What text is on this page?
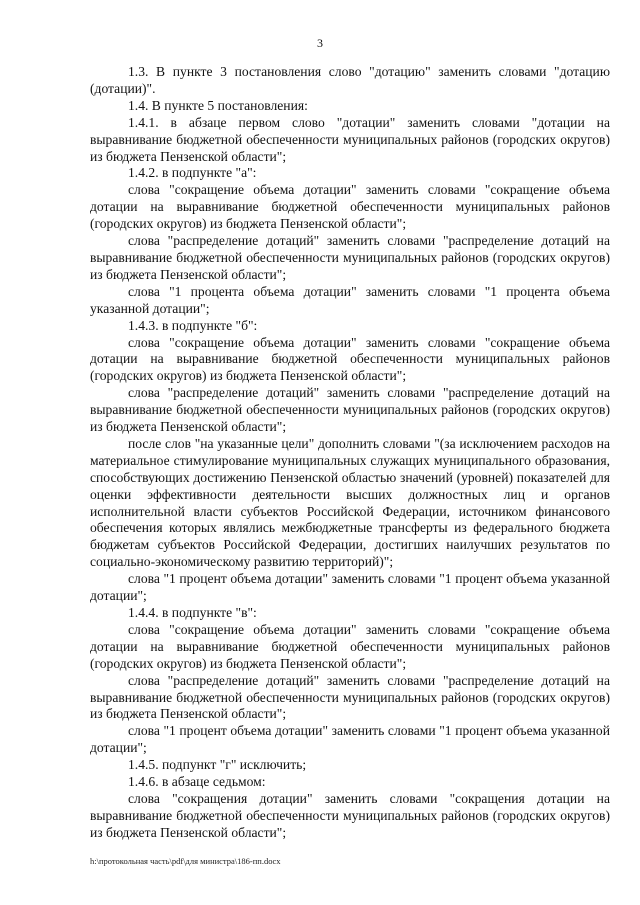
3

1.3. В пункте 3 постановления слово "дотацию" заменить словами "дотацию (дотации)".

1.4. В пункте 5 постановления:

1.4.1. в абзаце первом слово "дотации" заменить словами "дотации на выравнивание бюджетной обеспеченности муниципальных районов (городских округов) из бюджета Пензенской области";

1.4.2. в подпункте "а":

слова "сокращение объема дотации" заменить словами "сокращение объема дотации на выравнивание бюджетной обеспеченности муниципальных районов (городских округов) из бюджета Пензенской области";

слова "распределение дотаций" заменить словами "распределение дотаций на выравнивание бюджетной обеспеченности муниципальных районов (городских округов) из бюджета Пензенской области";

слова "1 процента объема дотации" заменить словами "1 процента объема указанной дотации";

1.4.3. в подпункте "б":

слова "сокращение объема дотации" заменить словами "сокращение объема дотации на выравнивание бюджетной обеспеченности муниципальных районов (городских округов) из бюджета Пензенской области";

слова "распределение дотаций" заменить словами "распределение дотаций на выравнивание бюджетной обеспеченности муниципальных районов (городских округов) из бюджета Пензенской области";

после слов "на указанные цели" дополнить словами "(за исключением расходов на материальное стимулирование муниципальных служащих муниципального образования, способствующих достижению Пензенской областью значений (уровней) показателей для оценки эффективности деятельности высших должностных лиц и органов исполнительной власти субъектов Российской Федерации, источником финансового обеспечения которых являлись межбюджетные трансферты из федерального бюджета бюджетам субъектов Российской Федерации, достигших наилучших результатов по социально-экономическому развитию территорий)";

слова "1 процент объема дотации" заменить словами "1 процент объема указанной дотации";

1.4.4. в подпункте "в":

слова "сокращение объема дотации" заменить словами "сокращение объема дотации на выравнивание бюджетной обеспеченности муниципальных районов (городских округов) из бюджета Пензенской области";

слова "распределение дотаций" заменить словами "распределение дотаций на выравнивание бюджетной обеспеченности муниципальных районов (городских округов) из бюджета Пензенской области";

слова "1 процент объема дотации" заменить словами "1 процент объема указанной дотации";

1.4.5. подпункт "г" исключить;

1.4.6. в абзаце седьмом:

слова "сокращения дотации" заменить словами "сокращения дотации на выравнивание бюджетной обеспеченности муниципальных районов (городских округов) из бюджета Пензенской области";

h:\протокольная часть\pdf\для министра\186-пп.docx
